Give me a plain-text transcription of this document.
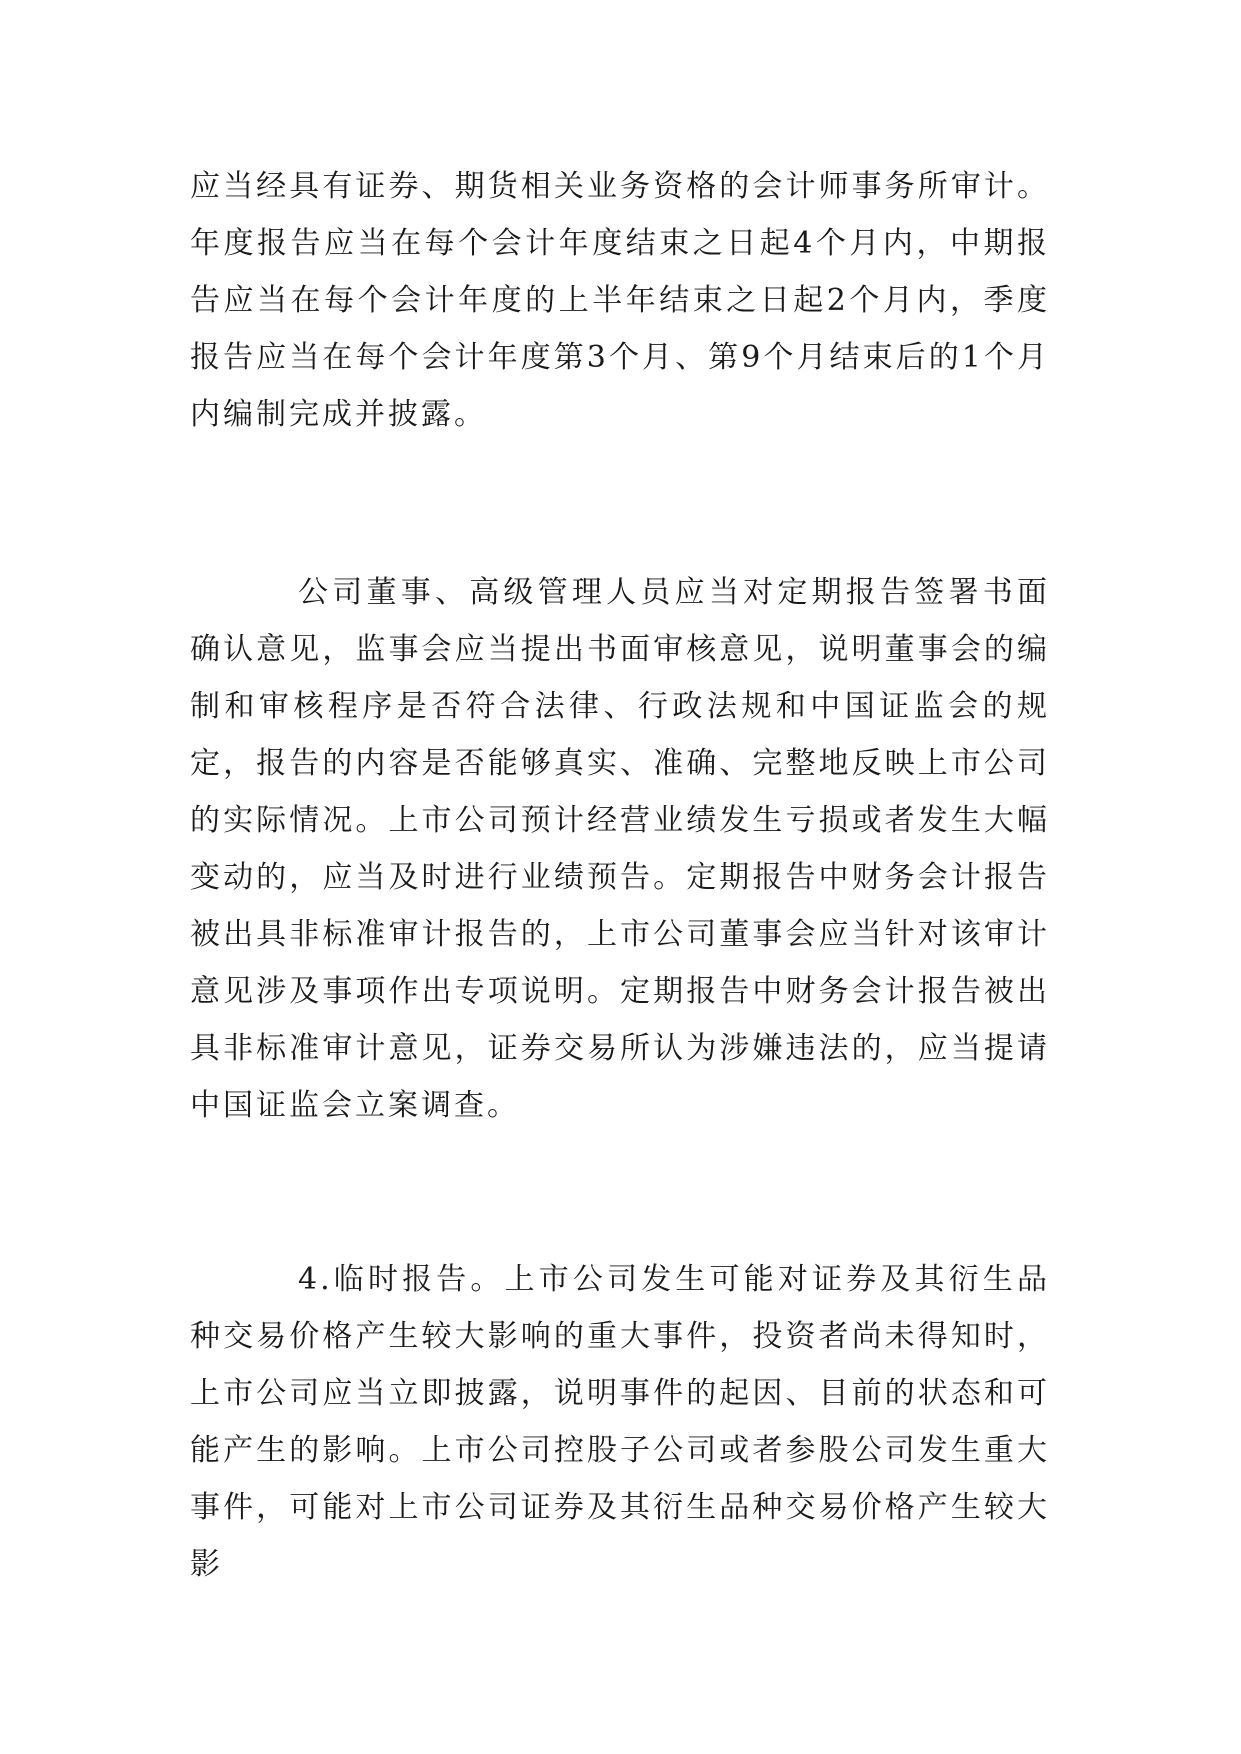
应当经具有证券、期货相关业务资格的会计师事务所审计。年度报告应当在每个会计年度结束之日起4个月内，中期报告应当在每个会计年度的上半年结束之日起2个月内，季度报告应当在每个会计年度第3个月、第9个月结束后的1个月内编制完成并披露。

公司董事、高级管理人员应当对定期报告签署书面确认意见，监事会应当提出书面审核意见，说明董事会的编制和审核程序是否符合法律、行政法规和中国证监会的规定，报告的内容是否能够真实、准确、完整地反映上市公司的实际情况。上市公司预计经营业绩发生亏损或者发生大幅变动的，应当及时进行业绩预告。定期报告中财务会计报告被出具非标准审计报告的，上市公司董事会应当针对该审计意见涉及事项作出专项说明。定期报告中财务会计报告被出具非标准审计意见，证券交易所认为涉嫌违法的，应当提请中国证监会立案调查。

4.临时报告。上市公司发生可能对证券及其衍生品种交易价格产生较大影响的重大事件，投资者尚未得知时，上市公司应当立即披露，说明事件的起因、目前的状态和可能产生的影响。上市公司控股子公司或者参股公司发生重大事件，可能对上市公司证券及其衍生品种交易价格产生较大影
